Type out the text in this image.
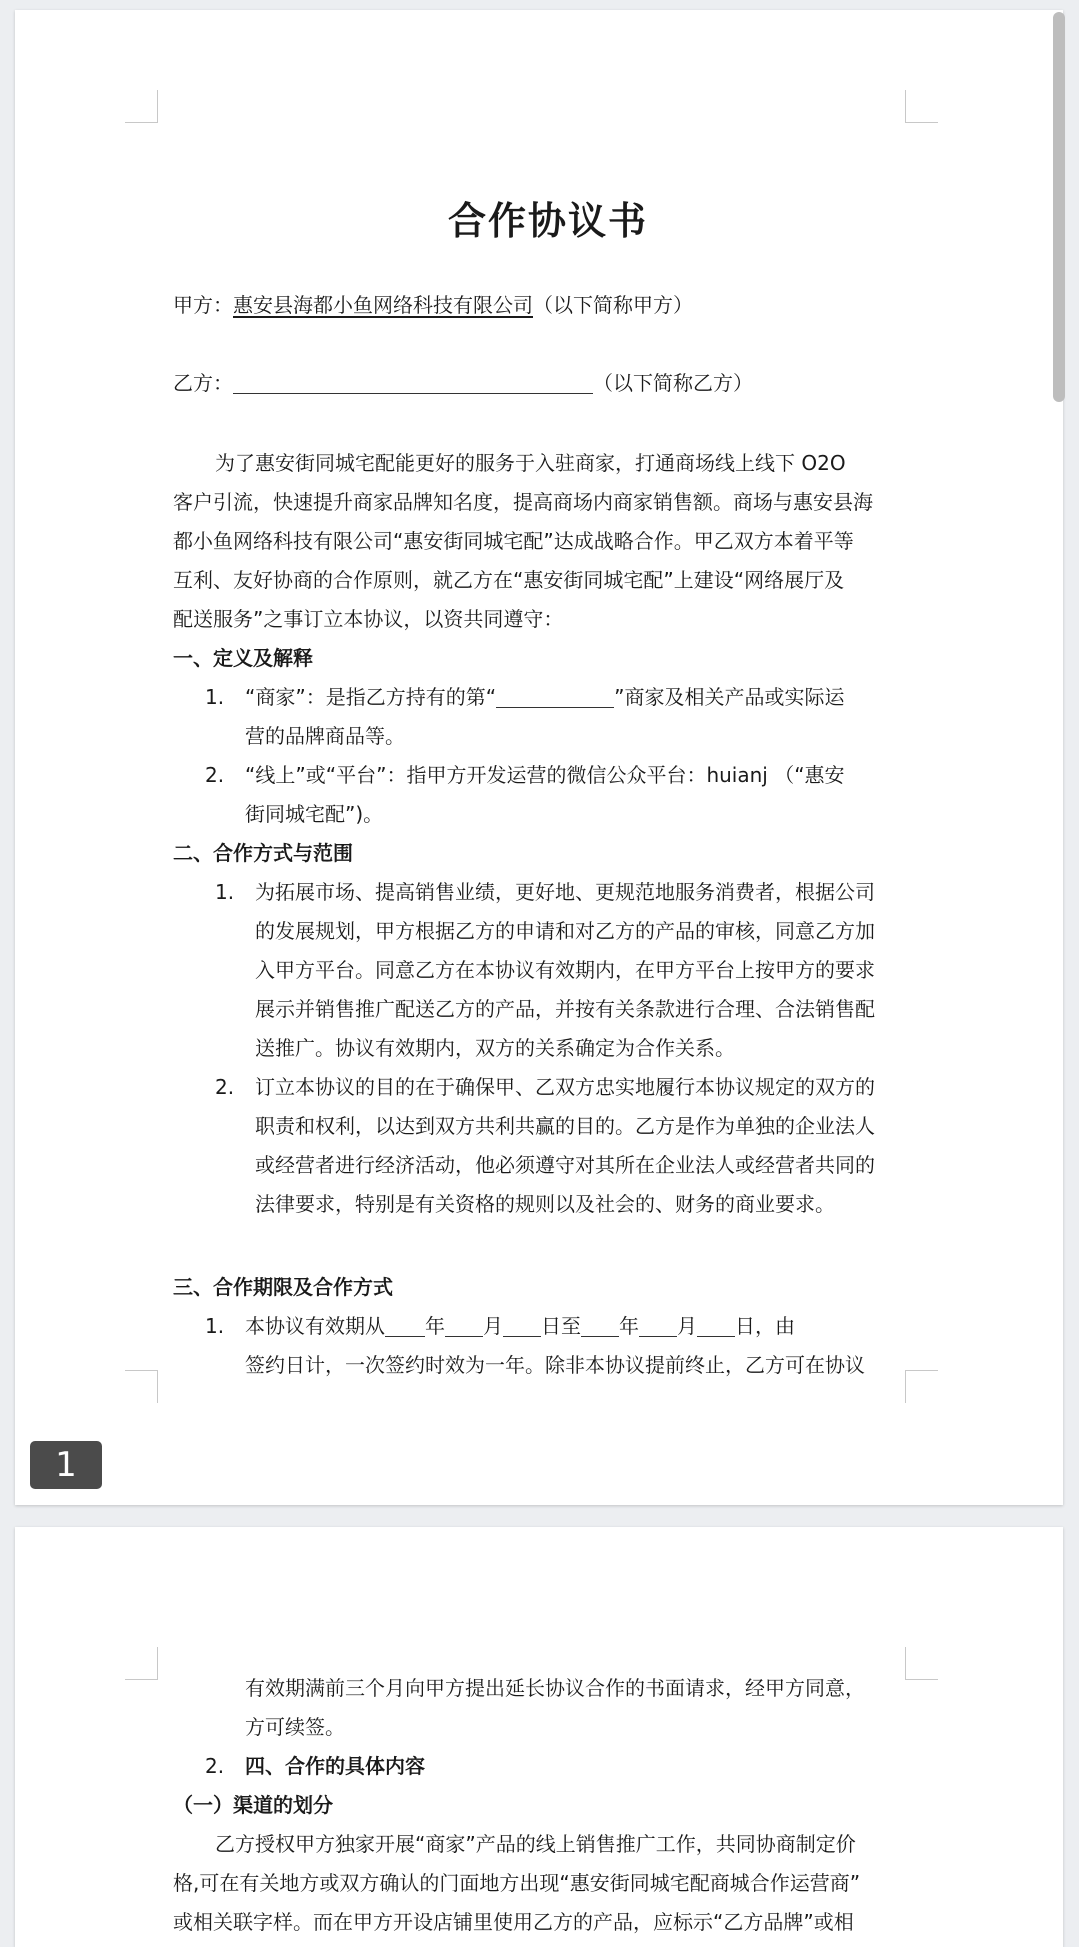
合作协议书
甲方：惠安县海都小鱼网络科技有限公司（以下简称甲方）
乙方：	（以下简称乙方）
为了惠安街同城宅配能更好的服务于入驻商家，打通商场线上线下 O2O
客户引流，快速提升商家品牌知名度，提高商场内商家销售额。商场与惠安县海
都小鱼网络科技有限公司“惠安街同城宅配”达成战略合作。甲乙双方本着平等
互利、友好协商的合作原则，就乙方在“惠安街同城宅配”上建设“网络展厅及
配送服务”之事订立本协议，以资共同遵守：
一、定义及解释
1. “商家”：是指乙方持有的第“	”商家及相关产品或实际运
营的品牌商品等。
2. “线上”或“平台”：指甲方开发运营的微信公众平台：huianj （“惠安
街同城宅配”)。
二、合作方式与范围
1. 为拓展市场、提高销售业绩，更好地、更规范地服务消费者，根据公司
的发展规划，甲方根据乙方的申请和对乙方的产品的审核，同意乙方加
入甲方平台。同意乙方在本协议有效期内，在甲方平台上按甲方的要求
展示并销售推广配送乙方的产品，并按有关条款进行合理、合法销售配
送推广。协议有效期内，双方的关系确定为合作关系。
2. 订立本协议的目的在于确保甲、乙双方忠实地履行本协议规定的双方的
职责和权利，以达到双方共利共赢的目的。乙方是作为单独的企业法人
或经营者进行经济活动，他必须遵守对其所在企业法人或经营者共同的
法律要求，特别是有关资格的规则以及社会的、财务的商业要求。
三、合作期限及合作方式
1. 本协议有效期从 年 月 日至 年 月 日，由
签约日计，一次签约时效为一年。除非本协议提前终止，乙方可在协议
1
有效期满前三个月向甲方提出延长协议合作的书面请求，经甲方同意，
方可续签。
2. 四、合作的具体内容
（一）渠道的划分
乙方授权甲方独家开展“商家”产品的线上销售推广工作，共同协商制定价
格,可在有关地方或双方确认的门面地方出现“惠安街同城宅配商城合作运营商”
或相关联字样。而在甲方开设店铺里使用乙方的产品，应标示“乙方品牌”或相
